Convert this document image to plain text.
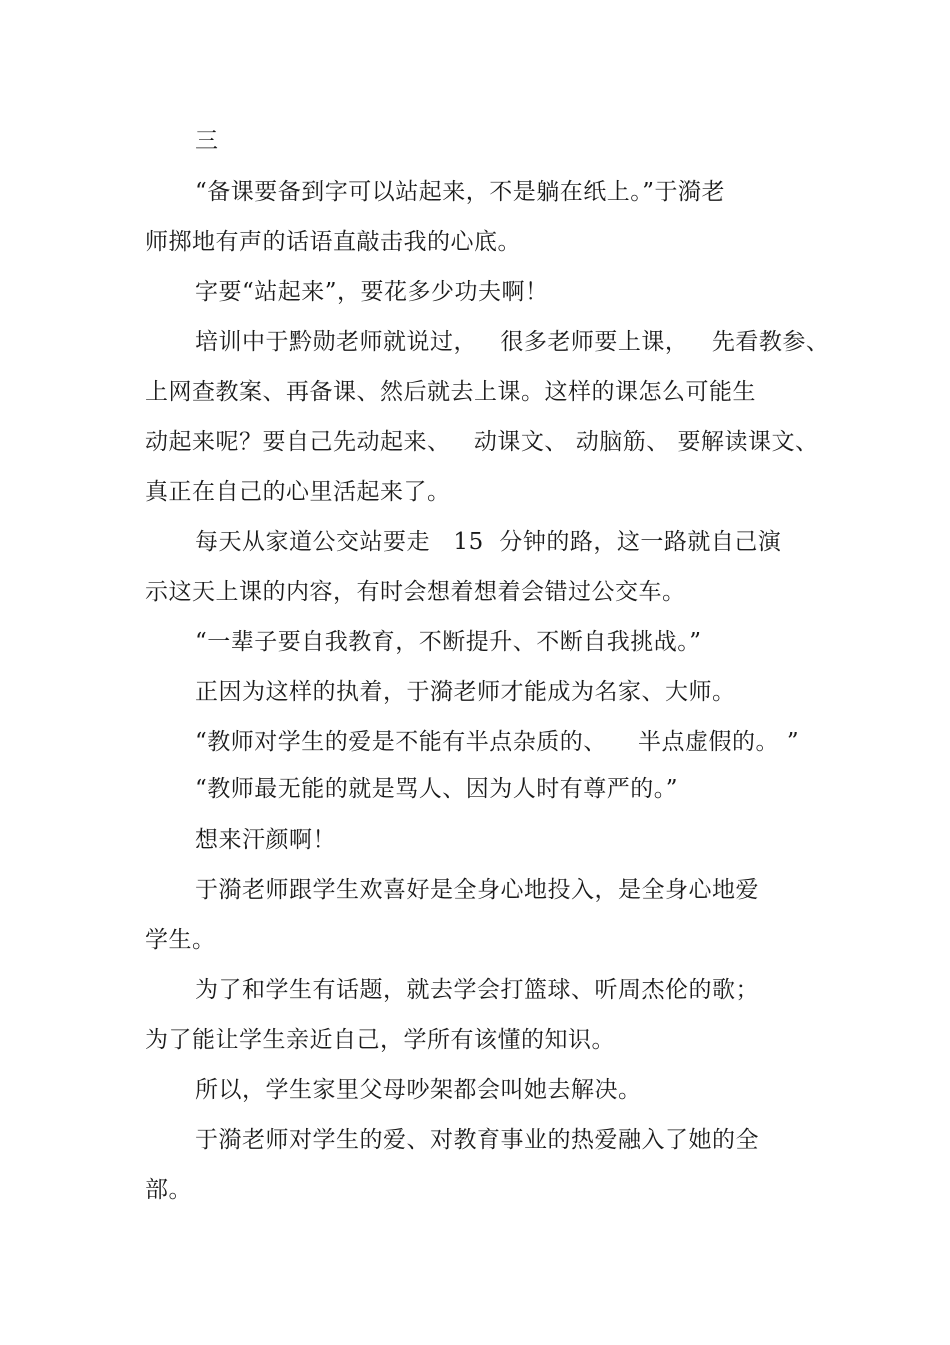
三

“备课要备到字可以站起来，不是躺在纸上。”于漪老

师掷地有声的话语直敲击我的心底。

字要“站起来”，要花多少功夫啊！

培训中于黔勋老师就说过，   很多老师要上课，   先看教参、

上网查教案、再备课、然后就去上课。这样的课怎么可能生

动起来呢？要自己先动起来、   动课文、 动脑筋、 要解读课文、

真正在自己的心里活起来了。

每天从家道公交站要走   15  分钟的路，这一路就自己演

示这天上课的内容，有时会想着想着会错过公交车。

“一辈子要自我教育，不断提升、不断自我挑战。”

正因为这样的执着，于漪老师才能成为名家、大师。

“教师对学生的爱是不能有半点杂质的、    半点虚假的。 ”

“教师最无能的就是骂人、因为人时有尊严的。”

想来汗颜啊！

于漪老师跟学生欢喜好是全身心地投入，是全身心地爱

学生。

为了和学生有话题，就去学会打篮球、听周杰伦的歌；

为了能让学生亲近自己，学所有该懂的知识。

所以，学生家里父母吵架都会叫她去解决。

于漪老师对学生的爱、对教育事业的热爱融入了她的全

部。
